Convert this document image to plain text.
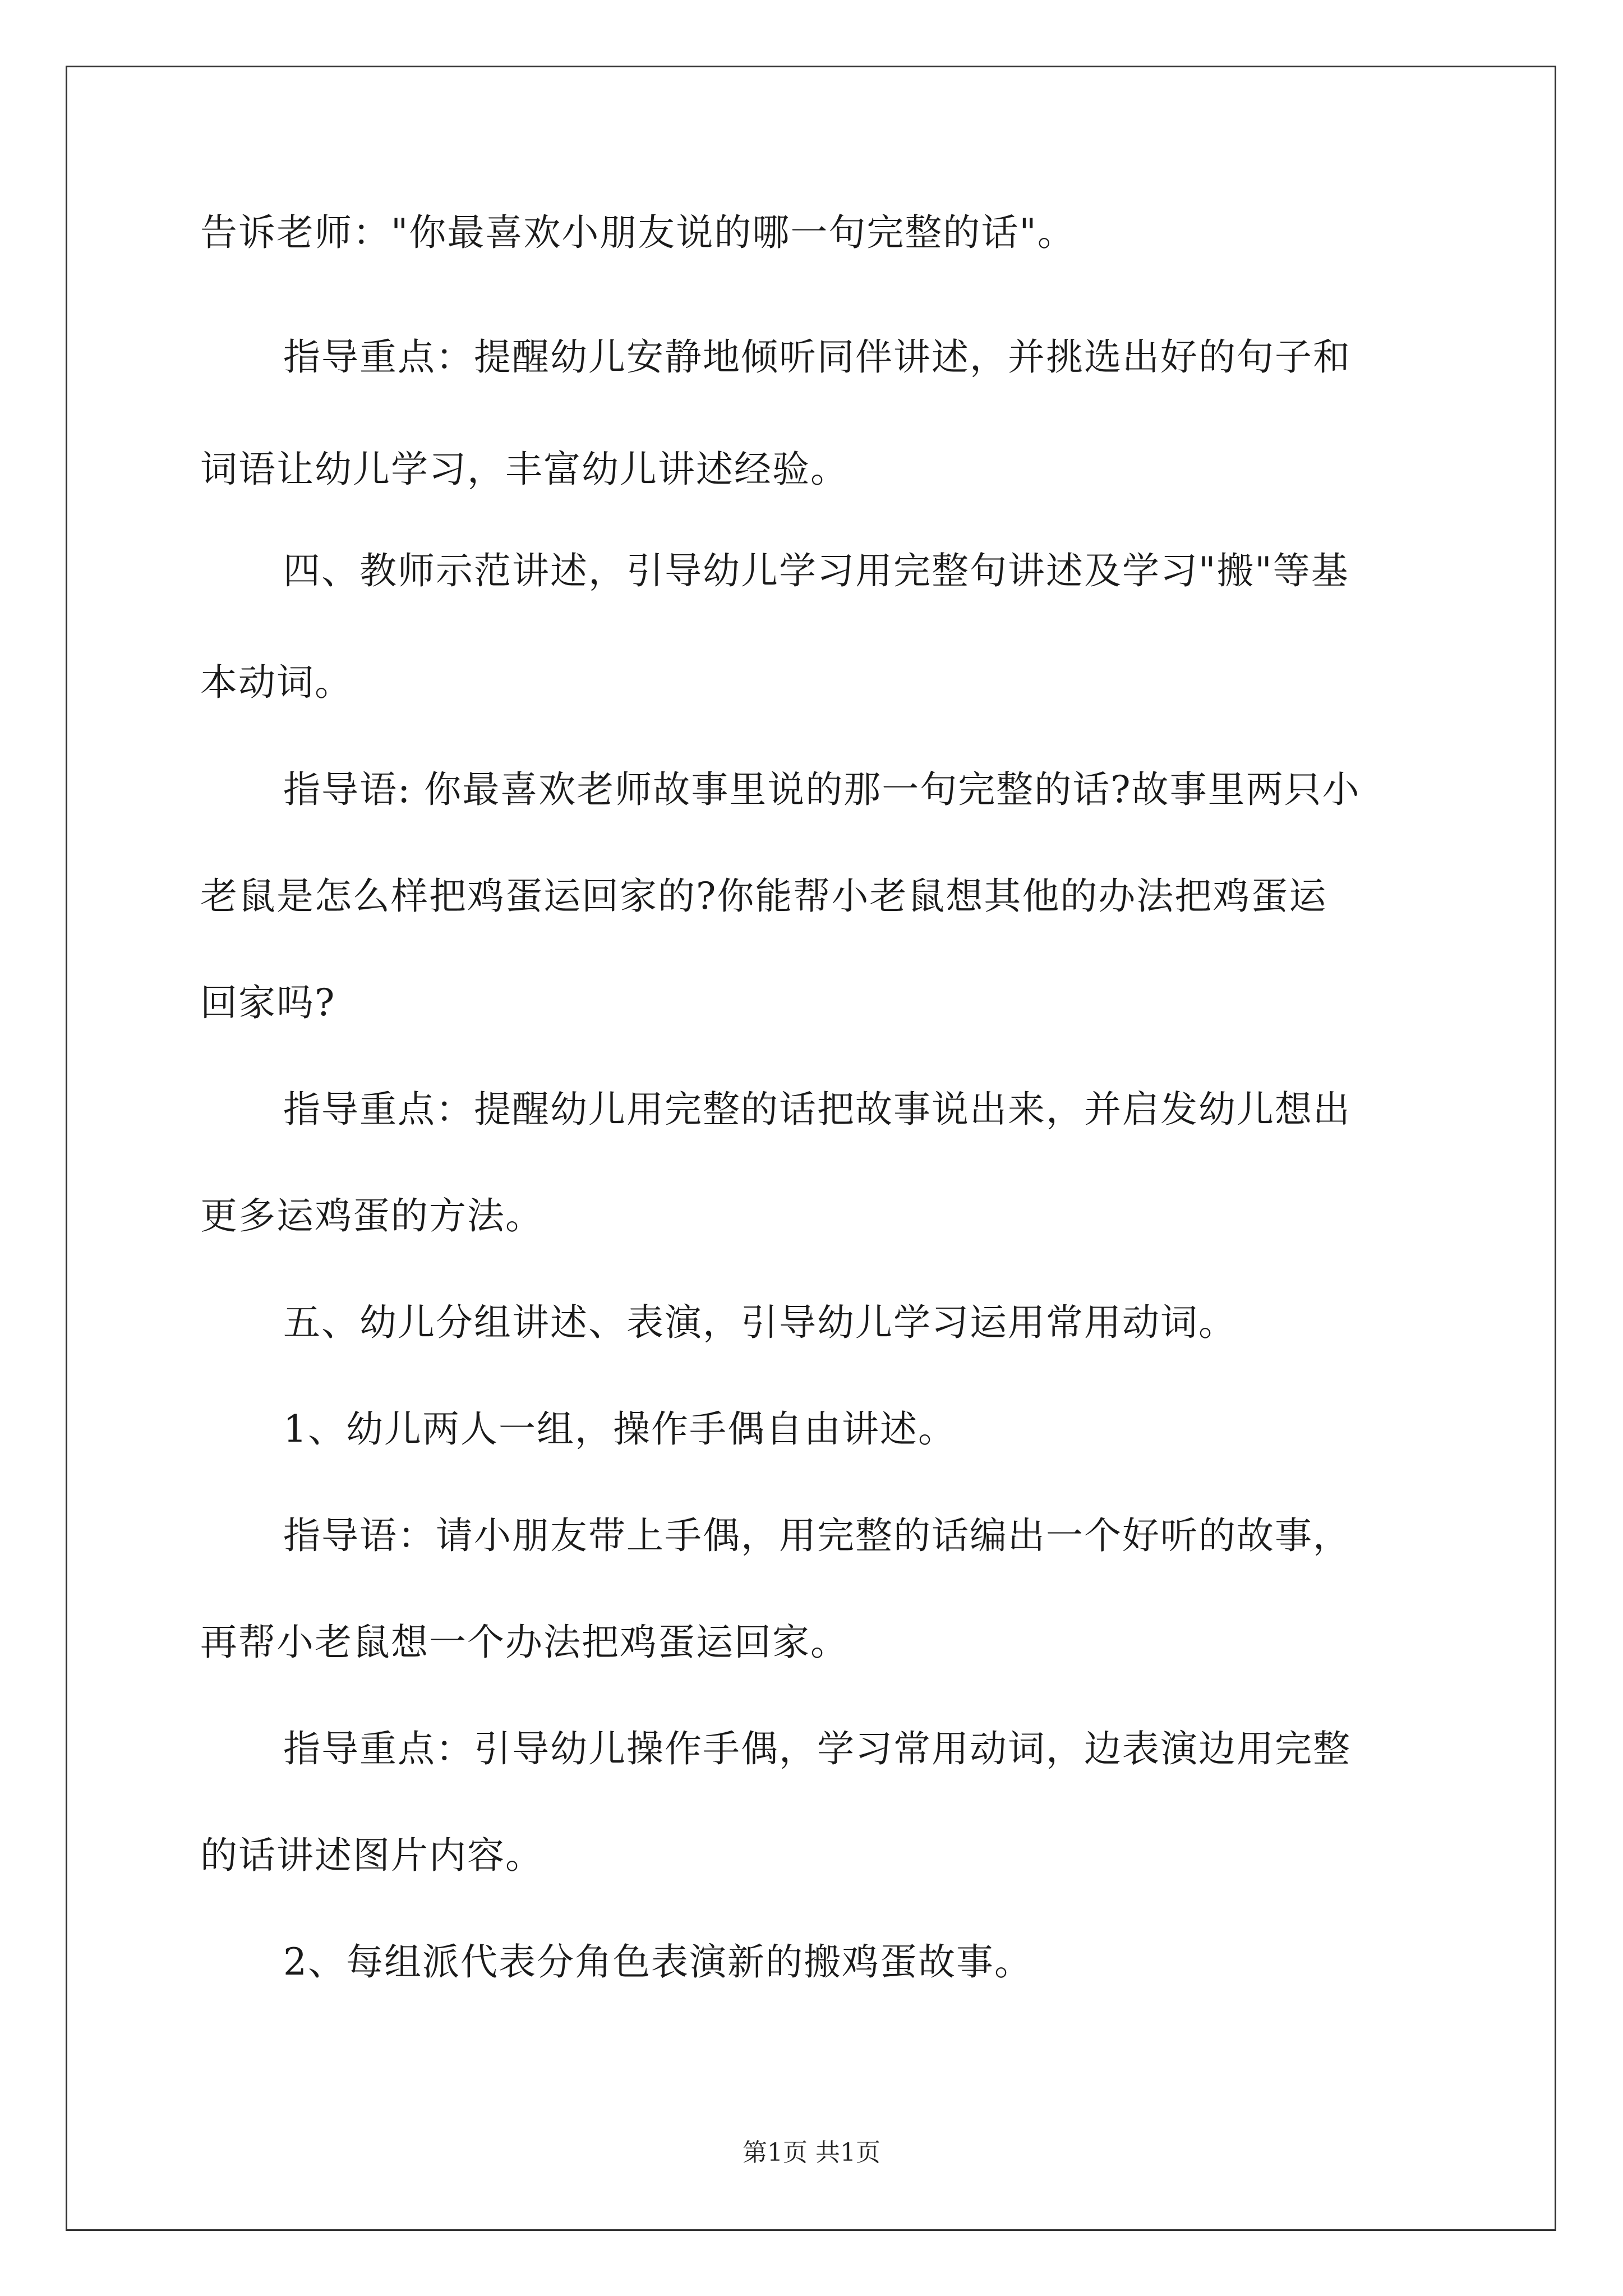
告诉老师："你最喜欢小朋友说的哪一句完整的话"。
指导重点：提醒幼儿安静地倾听同伴讲述，并挑选出好的句子和
词语让幼儿学习，丰富幼儿讲述经验。
四、教师示范讲述，引导幼儿学习用完整句讲述及学习"搬"等基
本动词。
指导语: 你最喜欢老师故事里说的那一句完整的话?故事里两只小
老鼠是怎么样把鸡蛋运回家的?你能帮小老鼠想其他的办法把鸡蛋运
回家吗?
指导重点：提醒幼儿用完整的话把故事说出来，并启发幼儿想出
更多运鸡蛋的方法。
五、幼儿分组讲述、表演，引导幼儿学习运用常用动词。
1、幼儿两人一组，操作手偶自由讲述。
指导语：请小朋友带上手偶，用完整的话编出一个好听的故事，
再帮小老鼠想一个办法把鸡蛋运回家。
指导重点：引导幼儿操作手偶，学习常用动词，边表演边用完整
的话讲述图片内容。
2、每组派代表分角色表演新的搬鸡蛋故事。
第1页 共1页
